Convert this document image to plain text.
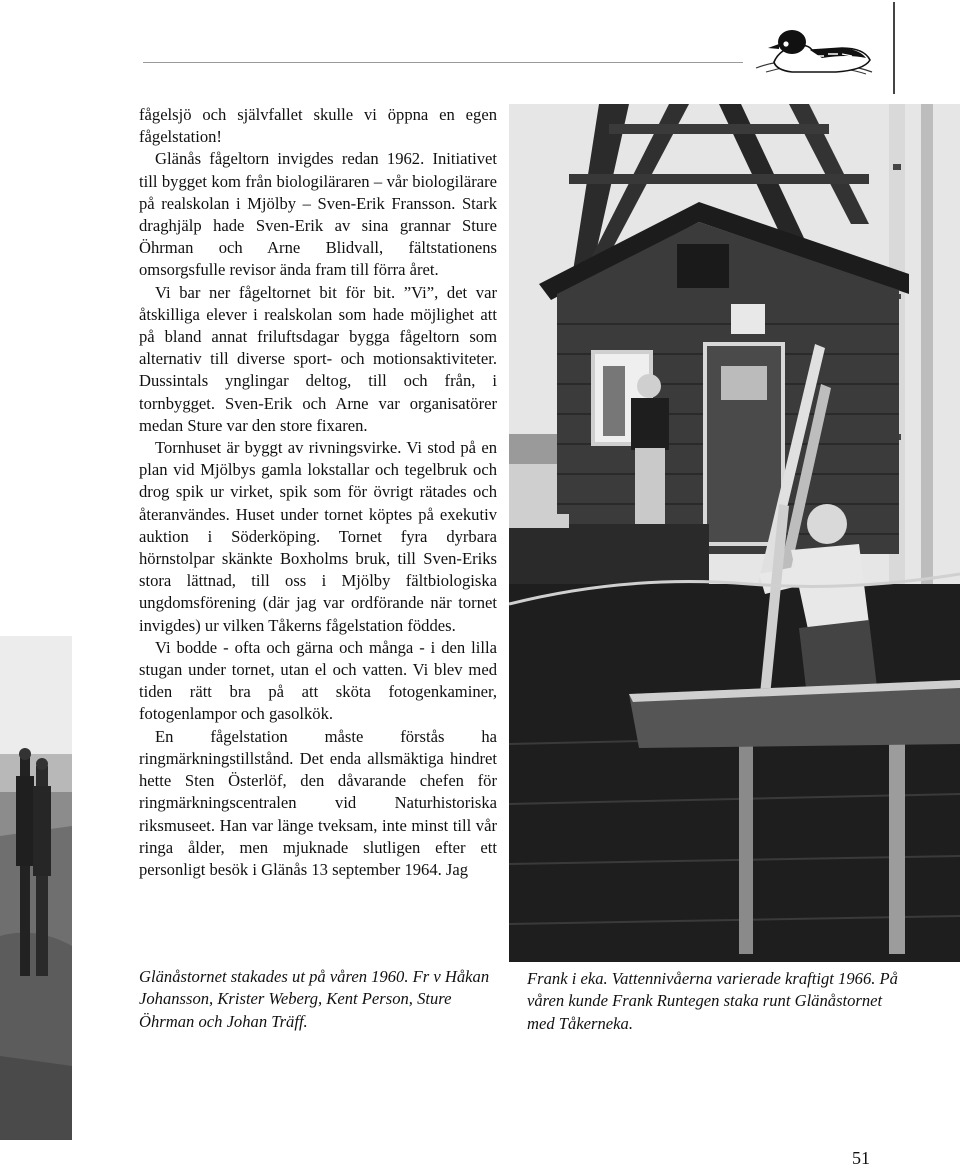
fågelsjö och självfallet skulle vi öppna en egen fågelstation!

Glänås fågeltorn invigdes redan 1962. Initiativet till bygget kom från biologiläraren – vår biologilärare på realskolan i Mjölby – Sven-Erik Fransson. Stark draghjälp hade Sven-Erik av sina grannar Sture Öhrman och Arne Blidvall, fältstationens omsorgsfulle revisor ända fram till förra året.

Vi bar ner fågeltornet bit för bit. ”Vi”, det var åtskilliga elever i realskolan som hade möjlighet att på bland annat friluftsdagar bygga fågeltorn som alternativ till diverse sport- och motionsaktiviteter. Dussintals ynglingar deltog, till och från, i tornbygget. Sven-Erik och Arne var organisatörer medan Sture var den store fixaren.

Tornhuset är byggt av rivningsvirke. Vi stod på en plan vid Mjölbys gamla lokstallar och tegelbruk och drog spik ur virket, spik som för övrigt rätades och återanvändes. Huset under tornet köptes på exekutiv auktion i Söderköping. Tornet fyra dyrbara hörnstolpar skänkte Boxholms bruk, till Sven-Eriks stora lättnad, till oss i Mjölby fältbiologiska ungdomsförening (där jag var ordförande när tornet invigdes) ur vilken Tåkerns fågelstation föddes.

Vi bodde - ofta och gärna och många - i den lilla stugan under tornet, utan el och vatten. Vi blev med tiden rätt bra på att sköta fotogenkaminer, fotogenlampor och gasolkök.

En fågelstation måste förstås ha ringmärkningstillstånd. Det enda allsmäktiga hindret hette Sten Österlöf, den dåvarande chefen för ringmärkningscentralen vid Naturhistoriska riksmuseet. Han var länge tveksam, inte minst till vår ringa ålder, men mjuknade slutligen efter ett personligt besök i Glänås 13 september 1964. Jag

Glänåstornet stakades ut på våren 1960. Fr v Håkan Johansson, Krister Weberg, Kent Person, Sture Öhrman och Johan Träff.
Frank i eka. Vattennivåerna varierade kraftigt 1966. På våren kunde Frank Runtegen staka runt Glänåstornet med Tåkerneka.
51
